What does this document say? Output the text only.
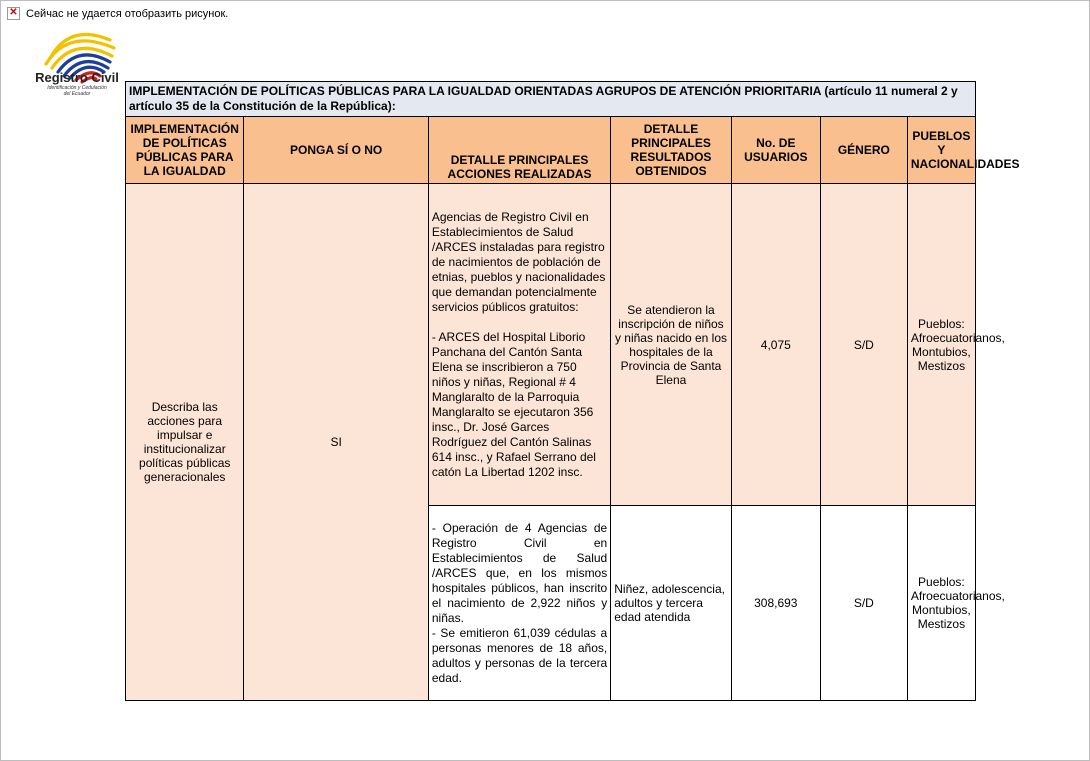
✕ Сейчас не удается отобразить рисунок.
Registro Civil
Identificación y Cedulación
del Ecuador	IMPLEMENTACIÓN DE POLÍTICAS PÚBLICAS PARA LA IGUALDAD ORIENTADAS AGRUPOS DE ATENCIÓN PRIORITARIA (artículo 11 numeral 2 y artículo 35 de la Constitución de la República):						
IMPLEMENTACIÓN DE POLÍTICAS PÚBLICAS PARA LA IGUALDAD	PONGA SÍ O NO	DETALLE PRINCIPALES ACCIONES REALIZADAS	DETALLE PRINCIPALES RESULTADOS OBTENIDOS	No. DE USUARIOS	GÉNERO	PUEBLOS Y NACIONALIDADES
Describa las acciones para impulsar e institucionalizar políticas públicas generacionales	SI	Agencias de Registro Civil en Establecimientos de Salud /ARCES instaladas para registro de nacimientos de población de etnias, pueblos y nacionalidades que demandan potencialmente servicios públicos gratuitos:

- ARCES del Hospital Liborio Panchana del Cantón Santa Elena se inscribieron a 750 niños y niñas, Regional # 4 Manglaralto de la Parroquia Manglaralto se ejecutaron 356 insc., Dr. José Garces Rodríguez del Cantón Salinas 614 insc., y Rafael Serrano del catón La Libertad 1202 insc.	Se atendieron la inscripción de niños y niñas nacido en los hospitales de la Provincia de Santa Elena	4,075	S/D	Pueblos: Afroecuatorianos, Montubios, Mestizos
		- Operación de 4 Agencias de Registro Civil en Establecimientos de Salud /ARCES que, en los mismos hospitales públicos, han inscrito el nacimiento de 2,922 niños y niñas.
- Se emitieron 61,039 cédulas a personas menores de 18 años, adultos y personas de la tercera edad.	Niñez, adolescencia, adultos y tercera edad atendida	308,693	S/D	Pueblos: Afroecuatorianos, Montubios, Mestizos
